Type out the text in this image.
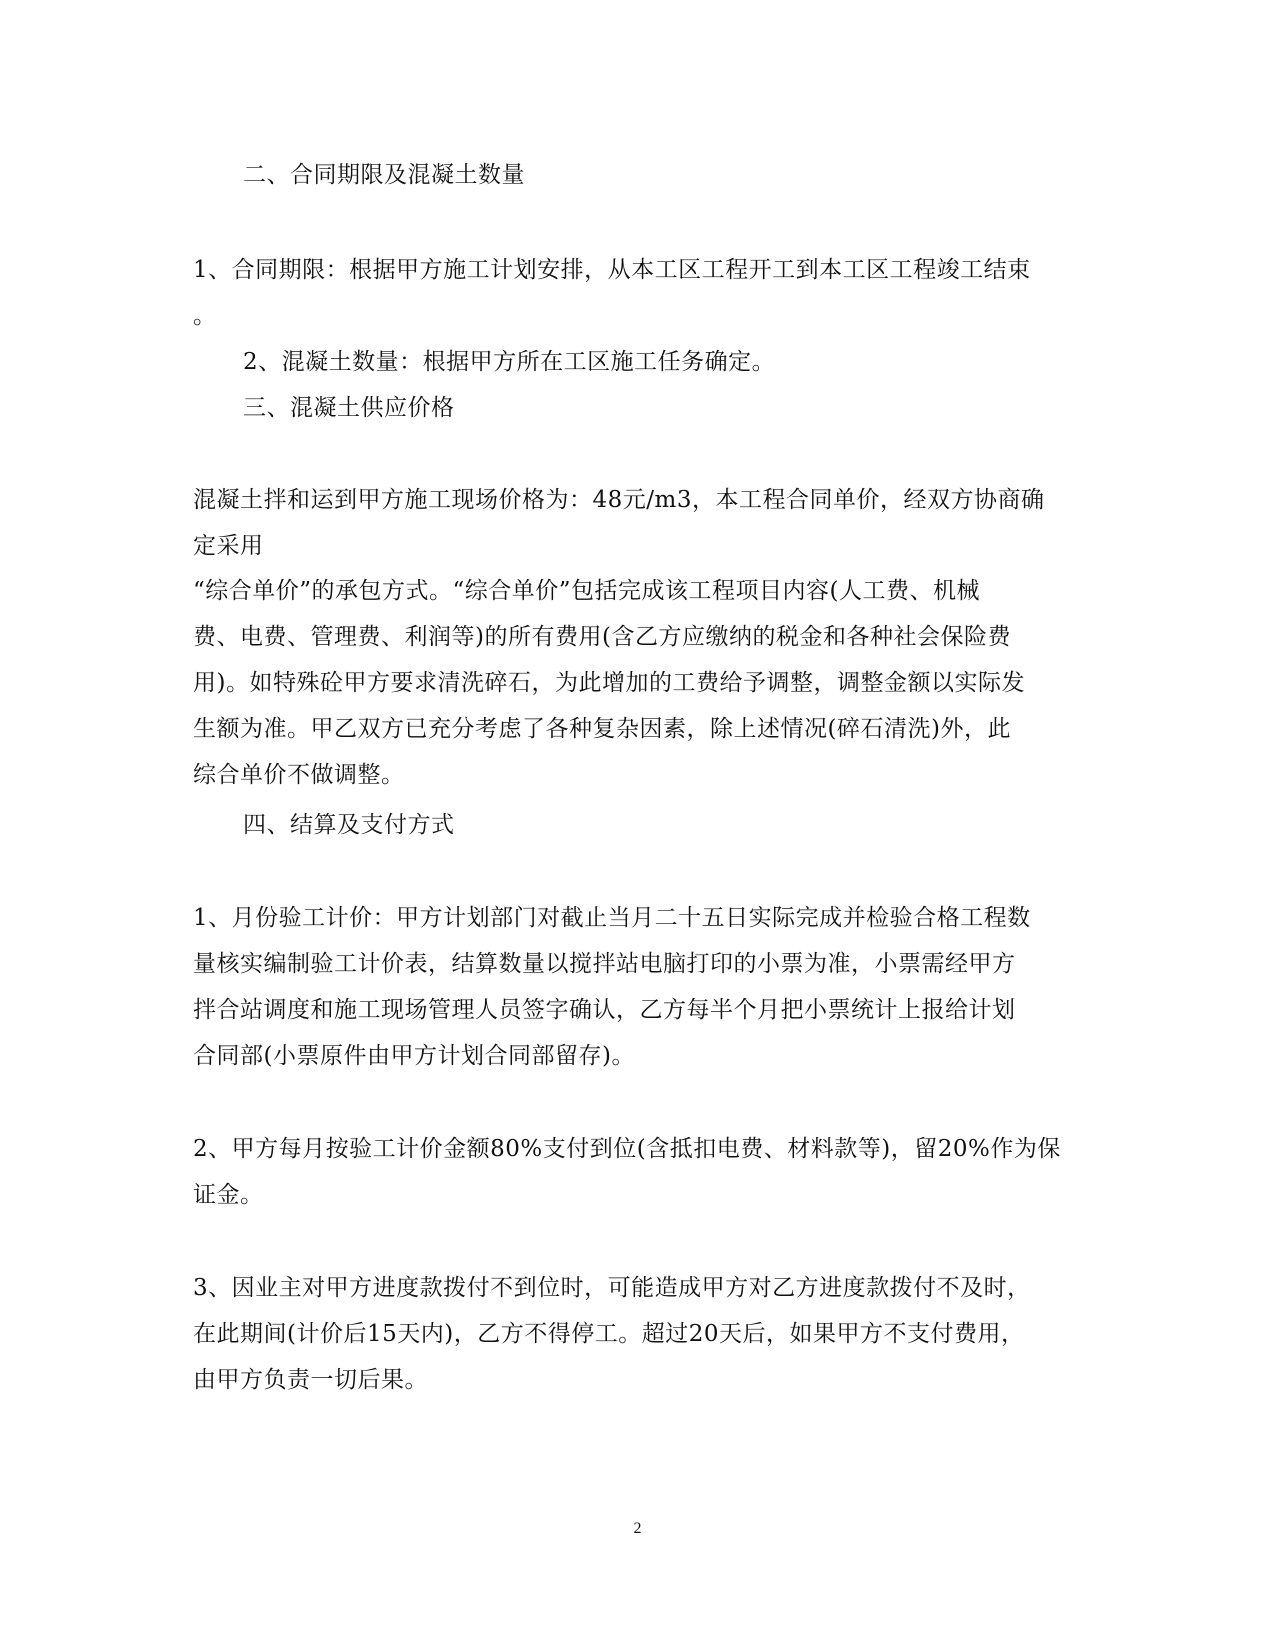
二、合同期限及混凝土数量
1、合同期限：根据甲方施工计划安排，从本工区工程开工到本工区工程竣工结束
。
2、混凝土数量：根据甲方所在工区施工任务确定。
三、混凝土供应价格
混凝土拌和运到甲方施工现场价格为：48元/m3，本工程合同单价，经双方协商确
定采用
“综合单价”的承包方式。“综合单价”包括完成该工程项目内容(人工费、机械
费、电费、管理费、利润等)的所有费用(含乙方应缴纳的税金和各种社会保险费
用)。如特殊砼甲方要求清洗碎石，为此增加的工费给予调整，调整金额以实际发
生额为准。甲乙双方已充分考虑了各种复杂因素，除上述情况(碎石清洗)外，此
综合单价不做调整。
四、结算及支付方式
1、月份验工计价：甲方计划部门对截止当月二十五日实际完成并检验合格工程数
量核实编制验工计价表，结算数量以搅拌站电脑打印的小票为准，小票需经甲方
拌合站调度和施工现场管理人员签字确认，乙方每半个月把小票统计上报给计划
合同部(小票原件由甲方计划合同部留存)。
2、甲方每月按验工计价金额80%支付到位(含抵扣电费、材料款等)，留20%作为保
证金。
3、因业主对甲方进度款拨付不到位时，可能造成甲方对乙方进度款拨付不及时，
在此期间(计价后15天内)，乙方不得停工。超过20天后，如果甲方不支付费用，
由甲方负责一切后果。
2
